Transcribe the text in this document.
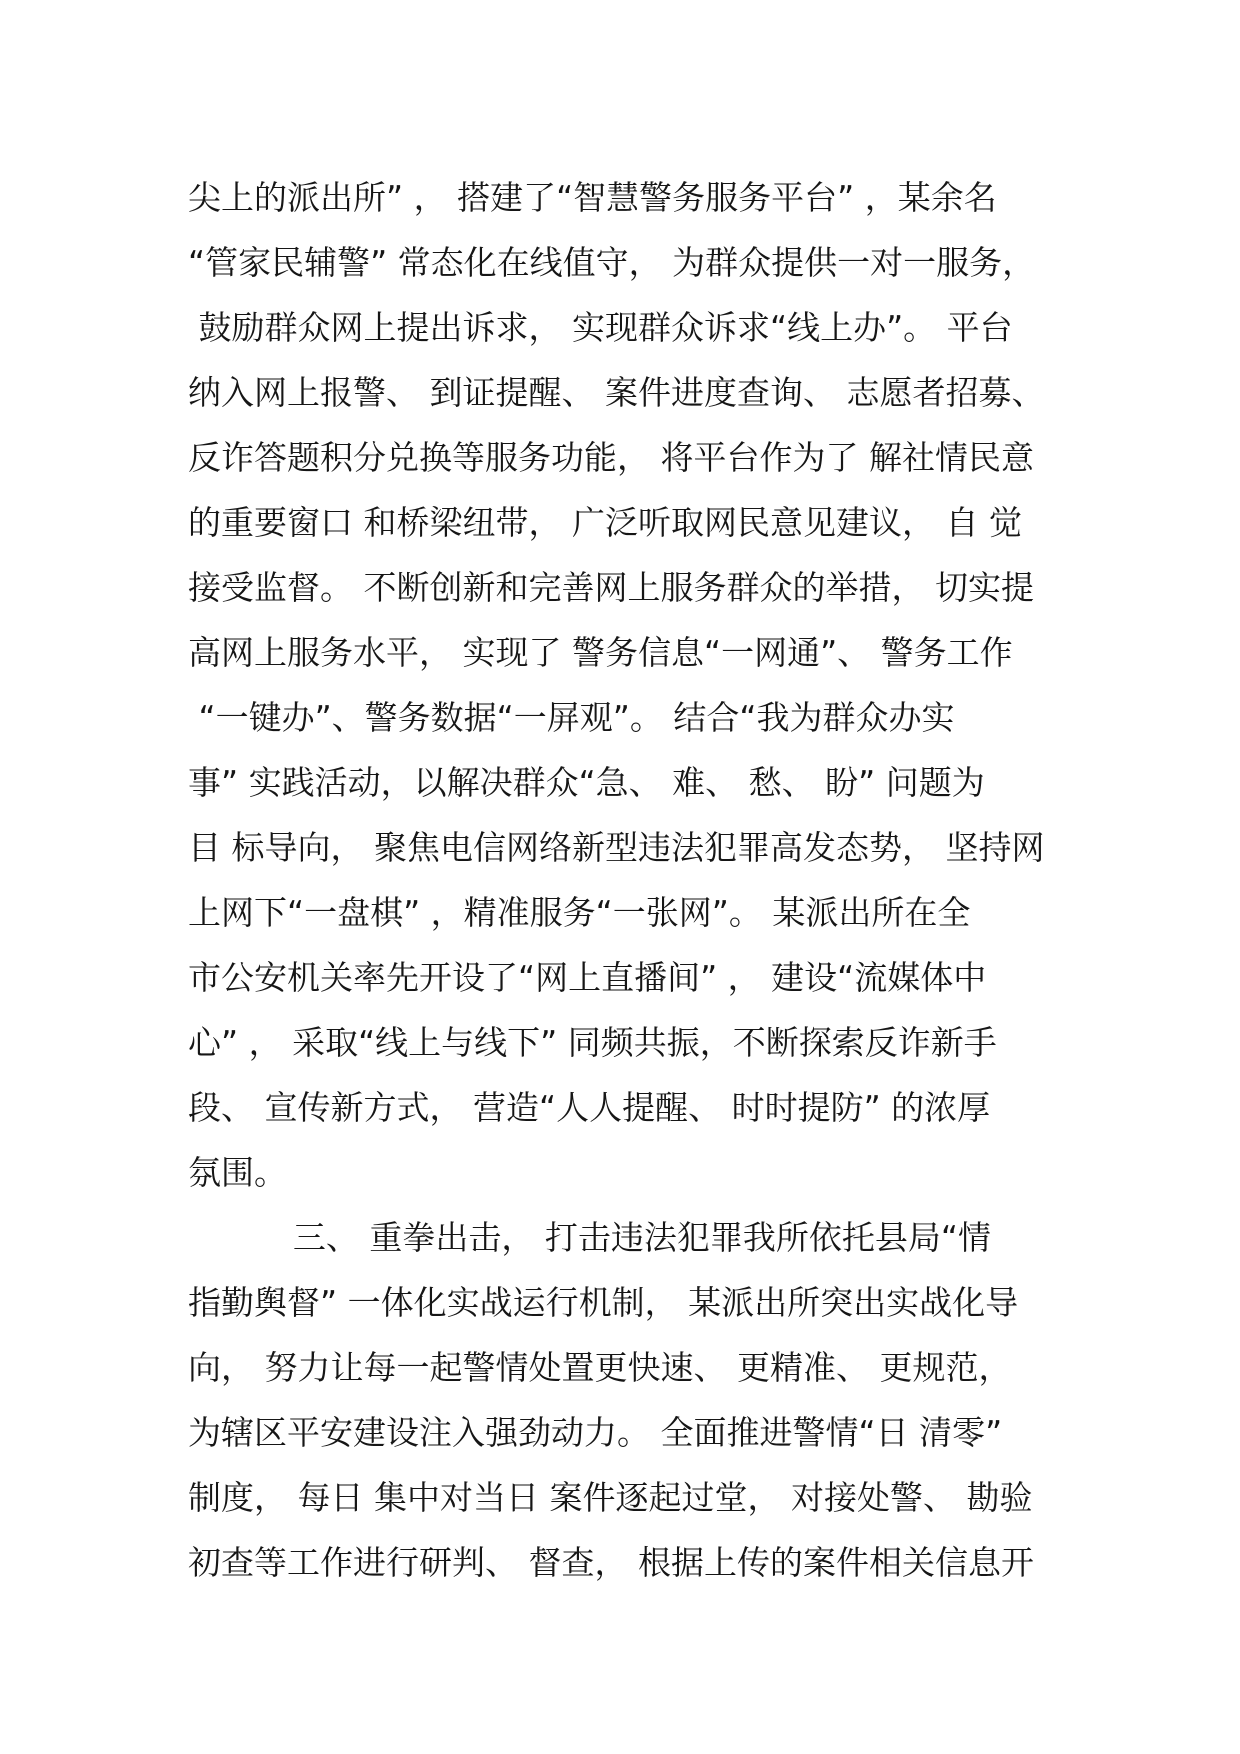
尖上的派出所” ， 搭建了“智慧警务服务平台” ，某余名
“管家民辅警” 常态化在线值守， 为群众提供一对一服务，
鼓励群众网上提出诉求， 实现群众诉求“线上办”。 平台
纳入网上报警、 到证提醒、 案件进度查询、 志愿者招募、
反诈答题积分兑换等服务功能， 将平台作为了 解社情民意
的重要窗口 和桥梁纽带， 广泛听取网民意见建议， 自 觉
接受监督。 不断创新和完善网上服务群众的举措， 切实提
高网上服务水平， 实现了 警务信息“一网通”、 警务工作
“一键办”、警务数据“一屏观”。 结合“我为群众办实
事” 实践活动，以解决群众“急、 难、 愁、 盼” 问题为
目 标导向， 聚焦电信网络新型违法犯罪高发态势， 坚持网
上网下“一盘棋” ，精准服务“一张网”。 某派出所在全
市公安机关率先开设了“网上直播间” ， 建设“流媒体中
心” ， 采取“线上与线下” 同频共振，不断探索反诈新手
段、 宣传新方式， 营造“人人提醒、 时时提防” 的浓厚
氛围。
三、 重拳出击， 打击违法犯罪我所依托县局“情
指勤舆督” 一体化实战运行机制， 某派出所突出实战化导
向， 努力让每一起警情处置更快速、 更精准、 更规范，
为辖区平安建设注入强劲动力。 全面推进警情“日 清零”
制度， 每日 集中对当日 案件逐起过堂， 对接处警、 勘验
初查等工作进行研判、 督查， 根据上传的案件相关信息开
